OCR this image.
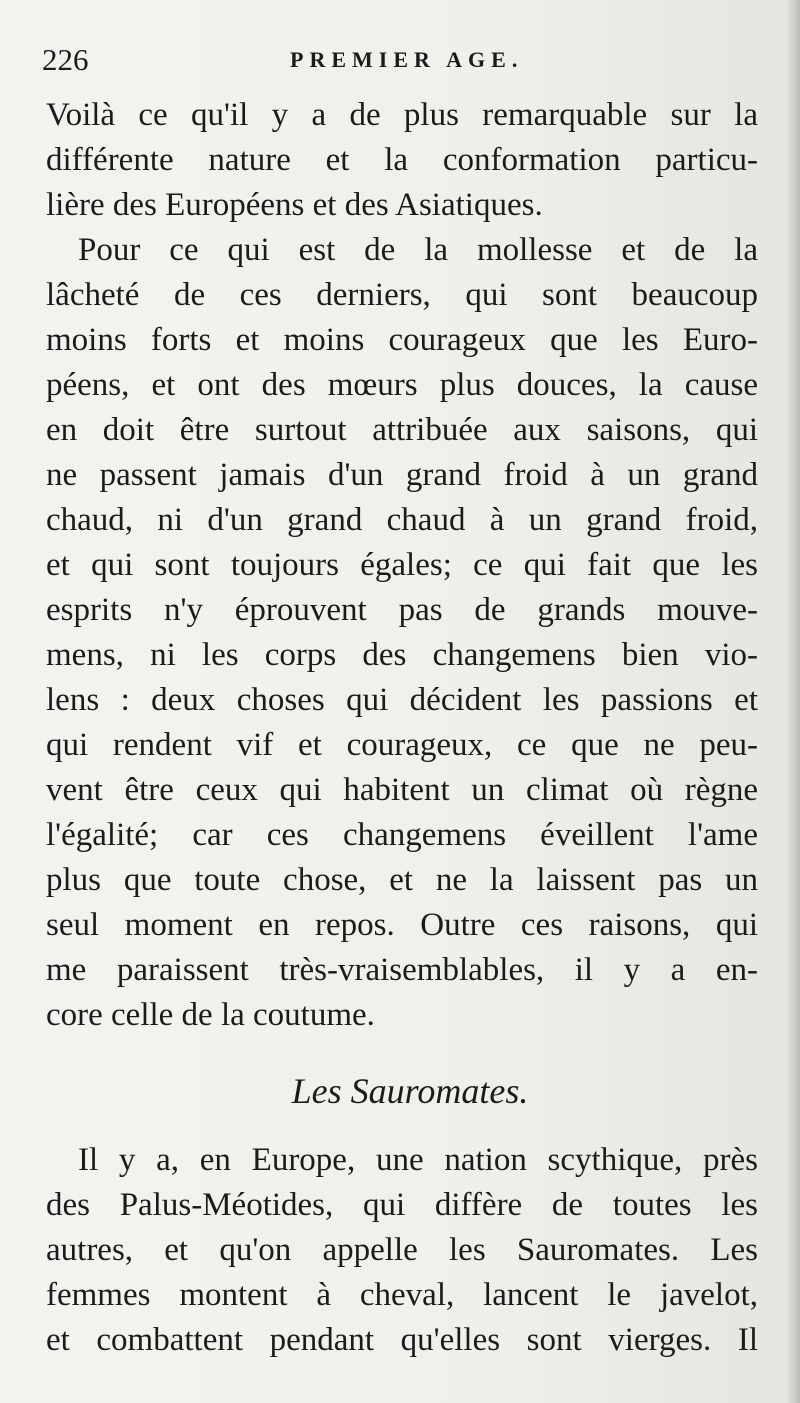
226	PREMIER AGE.
Voilà ce qu'il y a de plus remarquable sur la
différente nature et la conformation particu-
lière des Européens et des Asiatiques.
Pour ce qui est de la mollesse et de la
lâcheté de ces derniers, qui sont beaucoup
moins forts et moins courageux que les Euro-
péens, et ont des mœurs plus douces, la cause
en doit être surtout attribuée aux saisons, qui
ne passent jamais d'un grand froid à un grand
chaud, ni d'un grand chaud à un grand froid,
et qui sont toujours égales; ce qui fait que les
esprits n'y éprouvent pas de grands mouve-
mens, ni les corps des changemens bien vio-
lens : deux choses qui décident les passions et
qui rendent vif et courageux, ce que ne peu-
vent être ceux qui habitent un climat où règne
l'égalité; car ces changemens éveillent l'ame
plus que toute chose, et ne la laissent pas un
seul moment en repos. Outre ces raisons, qui
me paraissent très-vraisemblables, il y a en-
core celle de la coutume.
Les Sauromates.
Il y a, en Europe, une nation scythique, près
des Palus-Méotides, qui diffère de toutes les
autres, et qu'on appelle les Sauromates. Les
femmes montent à cheval, lancent le javelot,
et combattent pendant qu'elles sont vierges. Il
